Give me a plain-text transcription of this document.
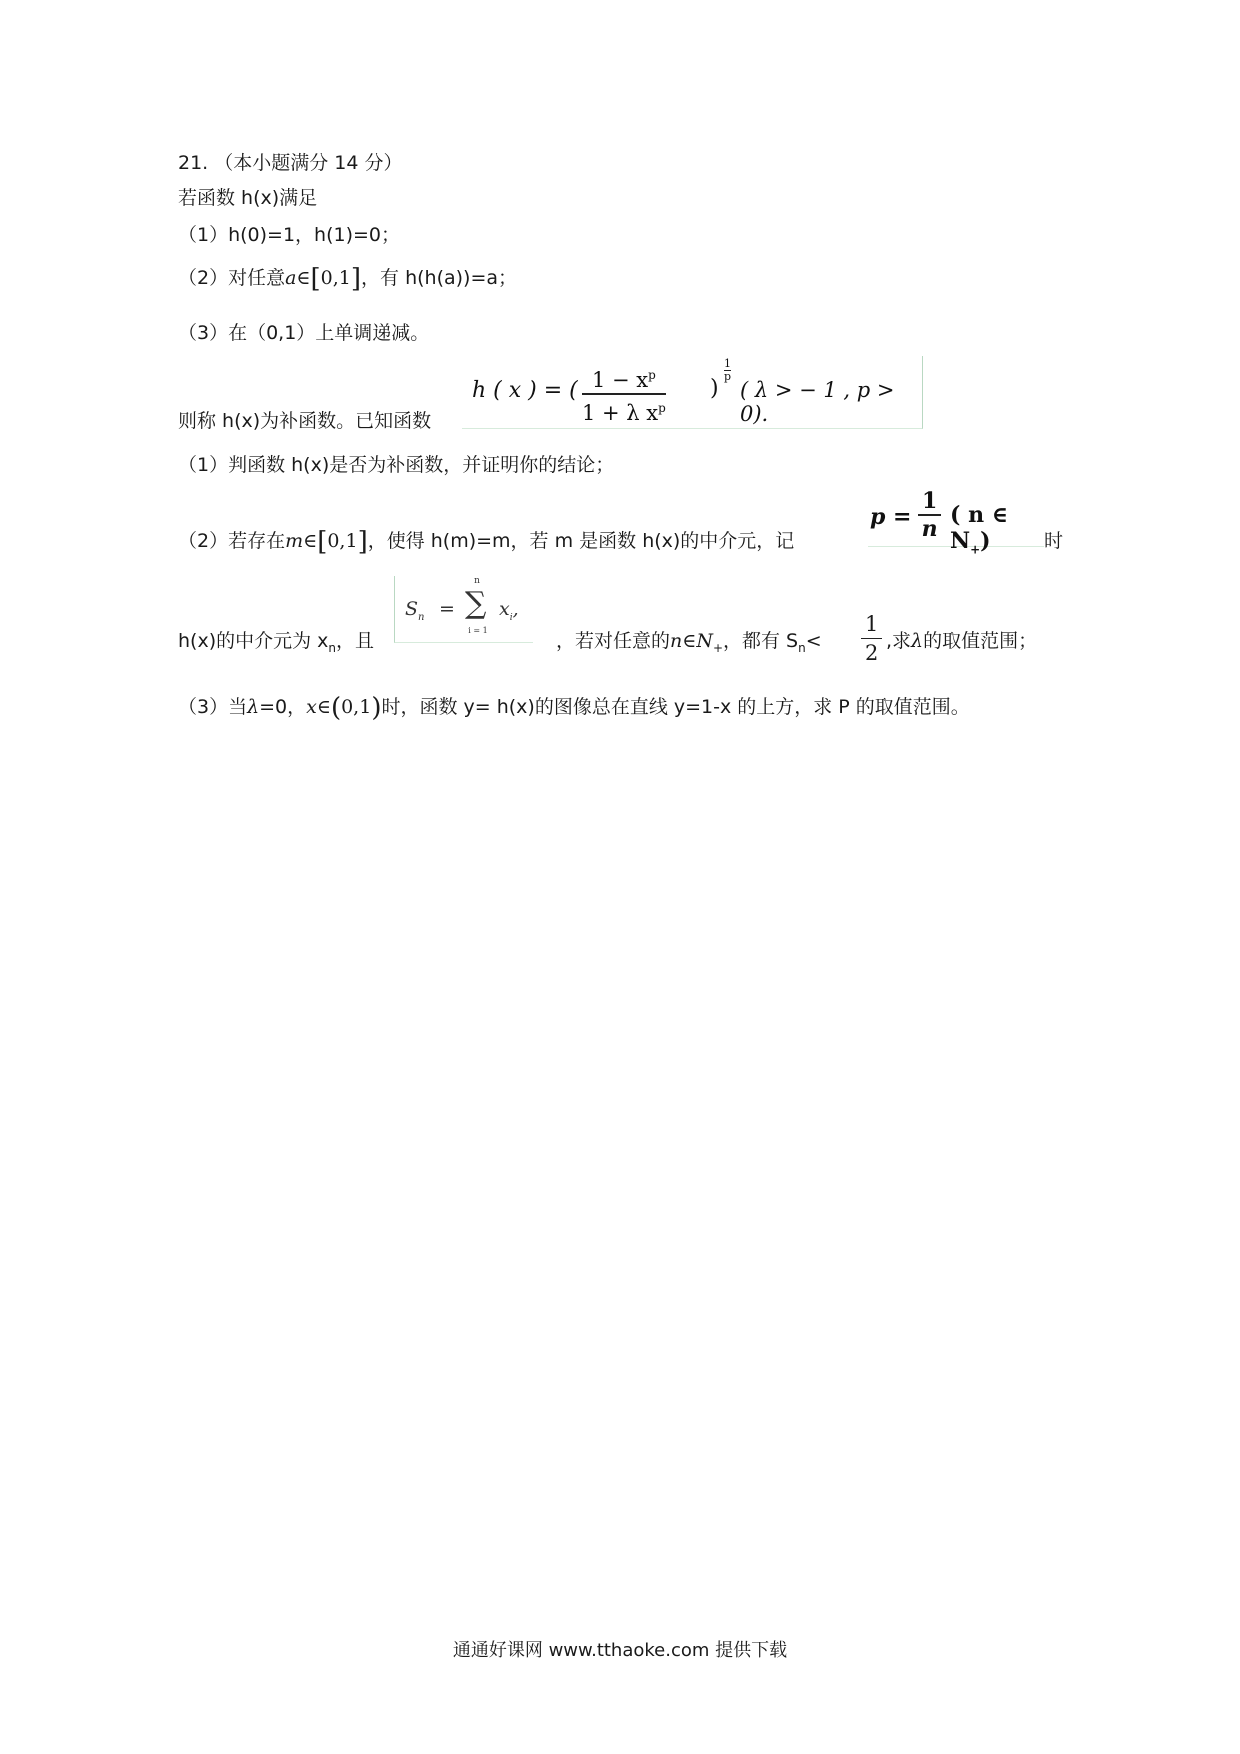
21. （本小题满分 14 分）
若函数 h(x)满足
（1）h(0)=1，h(1)=0；
（2）对任意a∈[0,1]，有 h(h(a))=a；
（3）在（0,1）上单调递减。
h ( x ) = ( $\frac{1 - x^p}{1 + \lambda x^p}$ )
$\frac{1}{p}$
( λ > − 1 , p > 0).
则称 h(x)为补函数。已知函数
（1）判函数 h(x)是否为补函数，并证明你的结论；
（2）若存在m∈[0,1]，使得 h(m)=m，若 m 是函数 h(x)的中介元，记
$p = \frac{1}{n}$ ( n ∈ $N_+$)	时
h(x)的中介元为 $x_n$，且
$S_n$ =
n
∑
i = 1
$x_i$,
，若对任意的$n\in N_+$，都有 $S_n< \frac{1}{2}$ ,求λ的取值范围；
（3）当λ=0，x∈(0,1)时，函数 y= h(x)的图像总在直线 y=1-x 的上方，求 P 的取值范围。
通通好课网 www.tthaoke.com 提供下载
